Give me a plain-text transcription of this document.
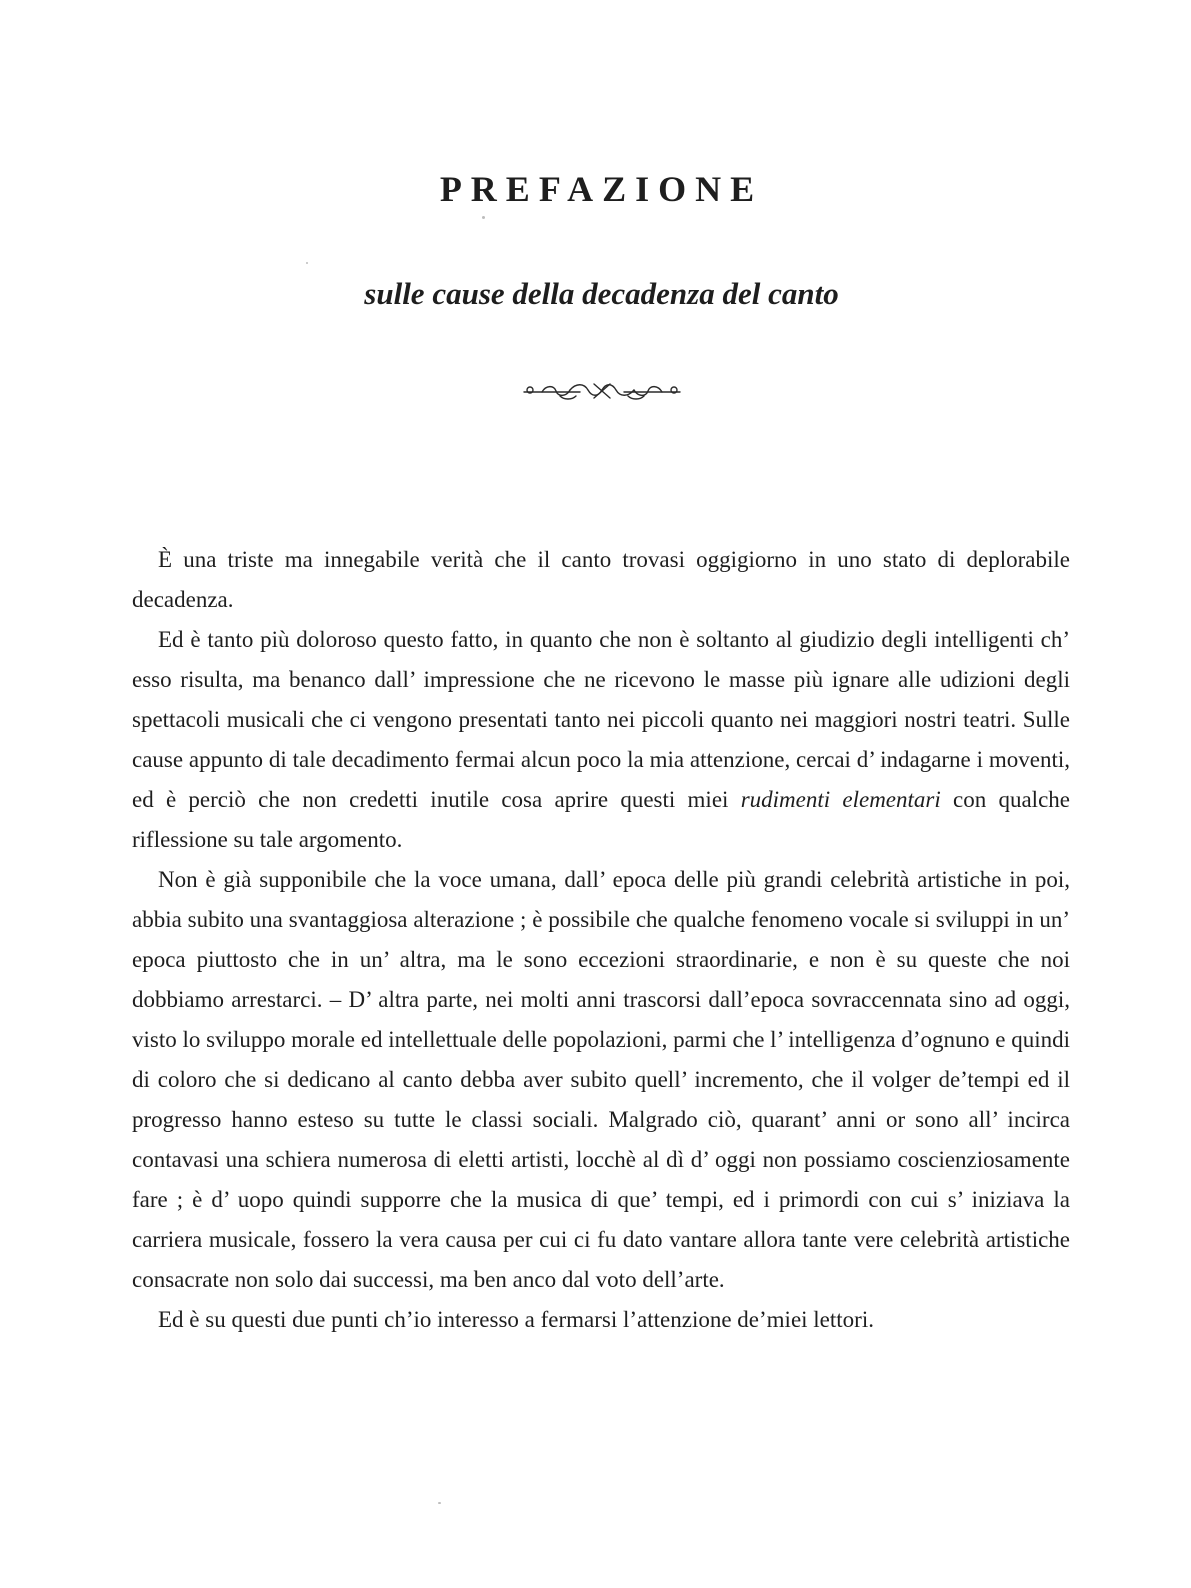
PREFAZIONE
sulle cause della decadenza del canto

È una triste ma innegabile verità che il canto trovasi oggigiorno in uno stato di deplorabile decadenza.

Ed è tanto più doloroso questo fatto, in quanto che non è soltanto al giudizio degli intelligenti ch’ esso risulta, ma benanco dall’ impressione che ne ricevono le masse più ignare alle udizioni degli spettacoli musicali che ci vengono presentati tanto nei piccoli quanto nei maggiori nostri teatri. Sulle cause appunto di tale decadimento fermai alcun poco la mia attenzione, cercai d’ indagarne i moventi, ed è perciò che non credetti inutile cosa aprire questi miei rudimenti elementari con qualche riflessione su tale argomento.

Non è già supponibile che la voce umana, dall’ epoca delle più grandi celebrità artistiche in poi, abbia subito una svantaggiosa alterazione ; è possibile che qualche fenomeno vocale si sviluppi in un’ epoca piuttosto che in un’ altra, ma le sono eccezioni straordinarie, e non è su queste che noi dobbiamo arrestarci. – D’ altra parte, nei molti anni trascorsi dall’epoca sovraccennata sino ad oggi, visto lo sviluppo morale ed intellettuale delle popolazioni, parmi che l’ intelligenza d’ognuno e quindi di coloro che si dedicano al canto debba aver subito quell’ incremento, che il volger de’tempi ed il progresso hanno esteso su tutte le classi sociali. Malgrado ciò, quarant’ anni or sono all’ incirca contavasi una schiera numerosa di eletti artisti, locchè al dì d’ oggi non possiamo coscienziosamente fare ; è d’ uopo quindi supporre che la musica di que’ tempi, ed i primordi con cui s’ iniziava la carriera musicale, fossero la vera causa per cui ci fu dato vantare allora tante vere celebrità artistiche consacrate non solo dai successi, ma ben anco dal voto dell’arte.

Ed è su questi due punti ch’io interesso a fermarsi l’attenzione de’miei lettori.
